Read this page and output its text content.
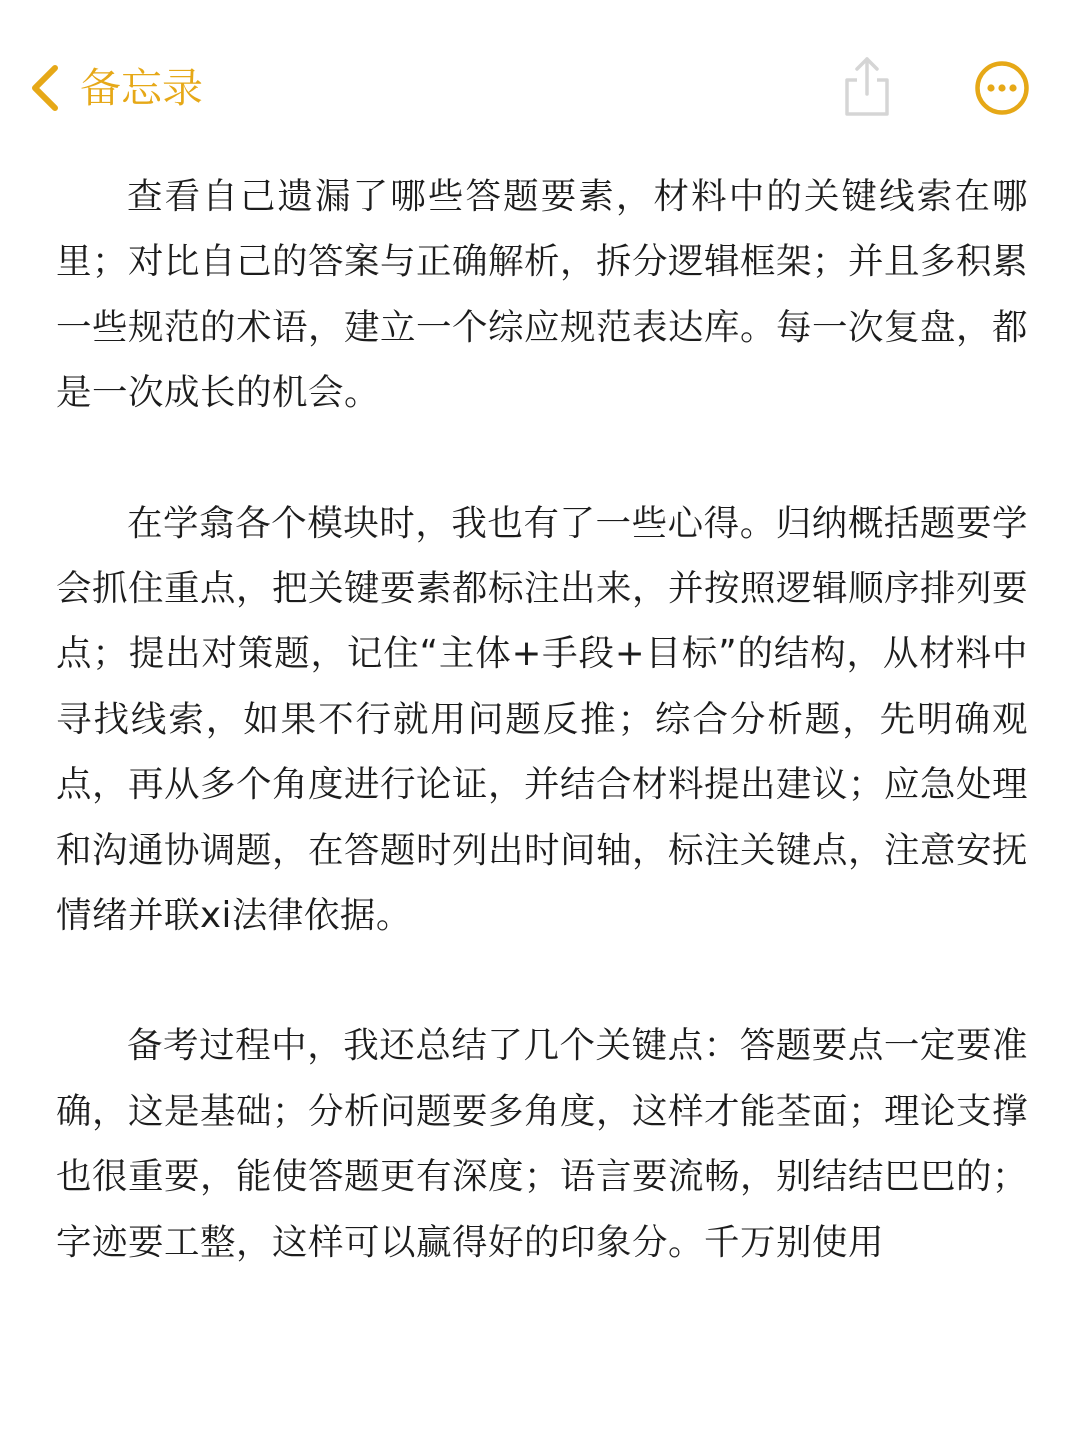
备忘录

查看自己遗漏了哪些答题要素，材料中的关键线索在哪里；对比自己的答案与正确解析，拆分逻辑框架；并且多积累一些规范的术语，建立一个综应规范表达库。每一次复盘，都是一次成长的机会。

在学翕各个模块时，我也有了一些心得。归纳概括题要学会抓住重点，把关键要素都标注出来，并按照逻辑顺序排列要点；提出对策题，记住“主体+手段+目标”的结构，从材料中寻找线索，如果不行就用问题反推；综合分析题，先明确观点，再从多个角度进行论证，并结合材料提出建议；应急处理和沟通协调题，在答题时列出时间轴，标注关键点，注意安抚情绪并联xi法律依据。

备考过程中，我还总结了几个关键点：答题要点一定要准确，这是基础；分析问题要多角度，这样才能荃面；理论支撑也很重要，能使答题更有深度；语言要流畅，别结结巴巴的；字迹要工整，这样可以赢得好的印象分。千万别使用
